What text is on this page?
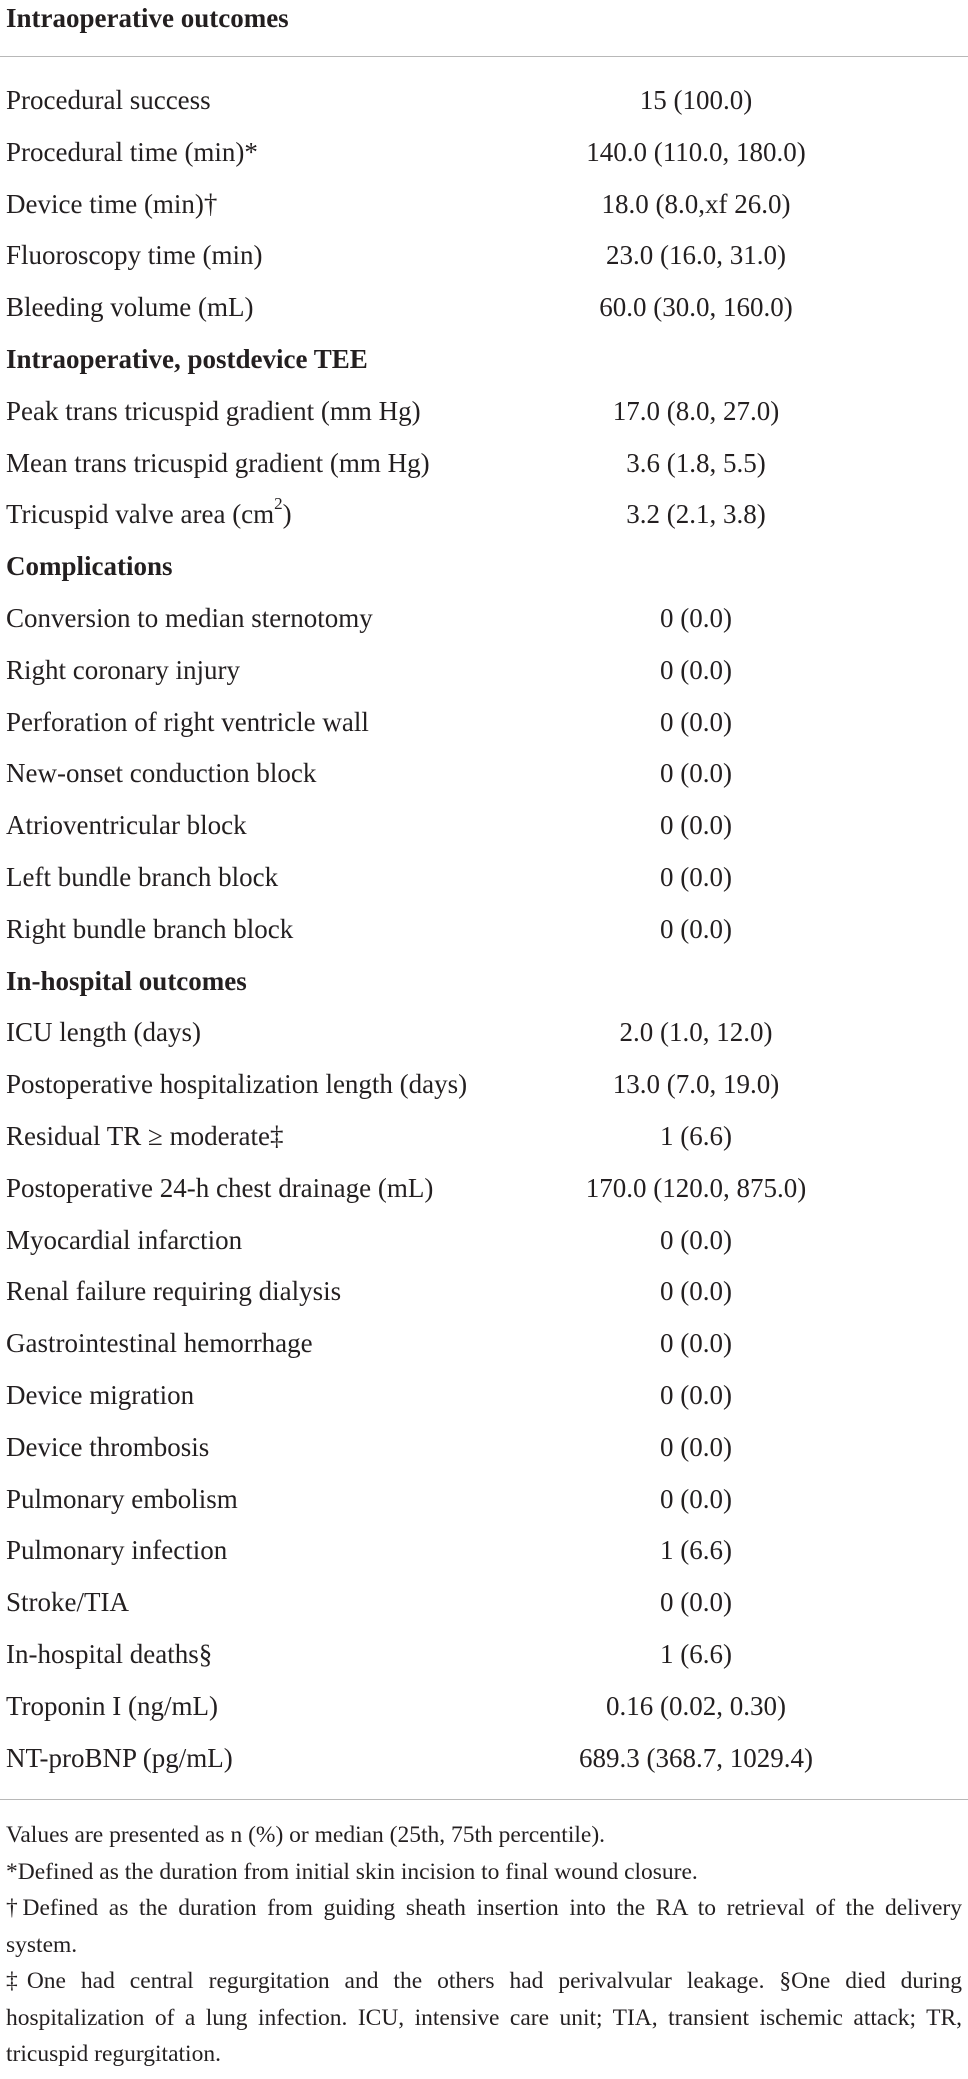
Intraoperative outcomes
Procedural success	15 (100.0)
Procedural time (min)*	140.0 (110.0, 180.0)
Device time (min)†	18.0 (8.0,xf 26.0)
Fluoroscopy time (min)	23.0 (16.0, 31.0)
Bleeding volume (mL)	60.0 (30.0, 160.0)
Intraoperative, postdevice TEE
Peak trans tricuspid gradient (mm Hg)	17.0 (8.0, 27.0)
Mean trans tricuspid gradient (mm Hg)	3.6 (1.8, 5.5)
Tricuspid valve area $(cm^2)$	3.2 (2.1, 3.8)
Complications
Conversion to median sternotomy	0 (0.0)
Right coronary injury	0 (0.0)
Perforation of right ventricle wall	0 (0.0)
New-onset conduction block	0 (0.0)
Atrioventricular block	0 (0.0)
Left bundle branch block	0 (0.0)
Right bundle branch block	0 (0.0)
In-hospital outcomes
ICU length (days)	2.0 (1.0, 12.0)
Postoperative hospitalization length (days)	13.0 (7.0, 19.0)
Residual TR ≥ moderate‡	1 (6.6)
Postoperative 24-h chest drainage (mL)	170.0 (120.0, 875.0)
Myocardial infarction	0 (0.0)
Renal failure requiring dialysis	0 (0.0)
Gastrointestinal hemorrhage	0 (0.0)
Device migration	0 (0.0)
Device thrombosis	0 (0.0)
Pulmonary embolism	0 (0.0)
Pulmonary infection	1 (6.6)
Stroke/TIA	0 (0.0)
In-hospital deaths§	1 (6.6)
Troponin I (ng/mL)	0.16 (0.02, 0.30)
NT-proBNP (pg/mL)	689.3 (368.7, 1029.4)

Values are presented as n (%) or median (25th, 75th percentile).

*Defined as the duration from initial skin incision to final wound closure.

†Defined as the duration from guiding sheath insertion into the RA to retrieval of the delivery system.

‡One had central regurgitation and the others had perivalvular leakage. §One died during hospitalization of a lung infection. ICU, intensive care unit; TIA, transient ischemic attack; TR, tricuspid regurgitation.
